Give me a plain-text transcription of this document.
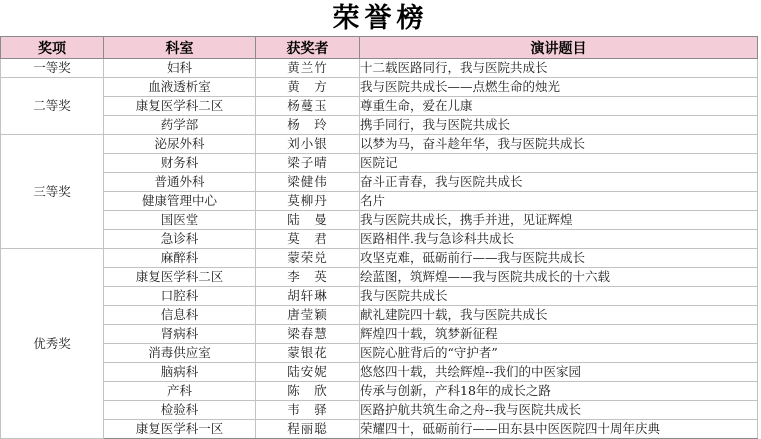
荣誉榜
奖项	科室	获奖者	演讲题目
一等奖	妇科	黄兰竹	十二载医路同行，我与医院共成长
二等奖	血液透析室	黄　方	我与医院共成长——点燃生命的烛光
	康复医学科二区	杨蔓玉	尊重生命，爱在儿康
	药学部	杨　玲	携手同行，我与医院共成长
三等奖	泌尿外科	刘小银	以梦为马，奋斗趁年华，我与医院共成长
	财务科	梁子晴	医院记
	普通外科	梁健伟	奋斗正青春，我与医院共成长
	健康管理中心	莫柳丹	名片
	国医堂	陆　曼	我与医院共成长，携手并进，见证辉煌
	急诊科	莫　君	医路相伴.我与急诊科共成长
优秀奖	麻醉科	蒙荣兑	攻坚克难，砥砺前行——我与医院共成长
	康复医学科二区	李　英	绘蓝图，筑辉煌——我与医院共成长的十六载
	口腔科	胡轩琳	我与医院共成长
	信息科	唐莹颖	献礼建院四十载，我与医院共成长
	肾病科	梁春慧	辉煌四十载，筑梦新征程
	消毒供应室	蒙银花	医院心脏背后的“守护者”
	脑病科	陆安妮	悠悠四十载，共绘辉煌--我们的中医家园
	产科	陈　欣	传承与创新，产科18年的成长之路
	检验科	韦　驿	医路护航共筑生命之舟--我与医院共成长
	康复医学科一区	程丽聪	荣耀四十，砥砺前行——田东县中医医院四十周年庆典
